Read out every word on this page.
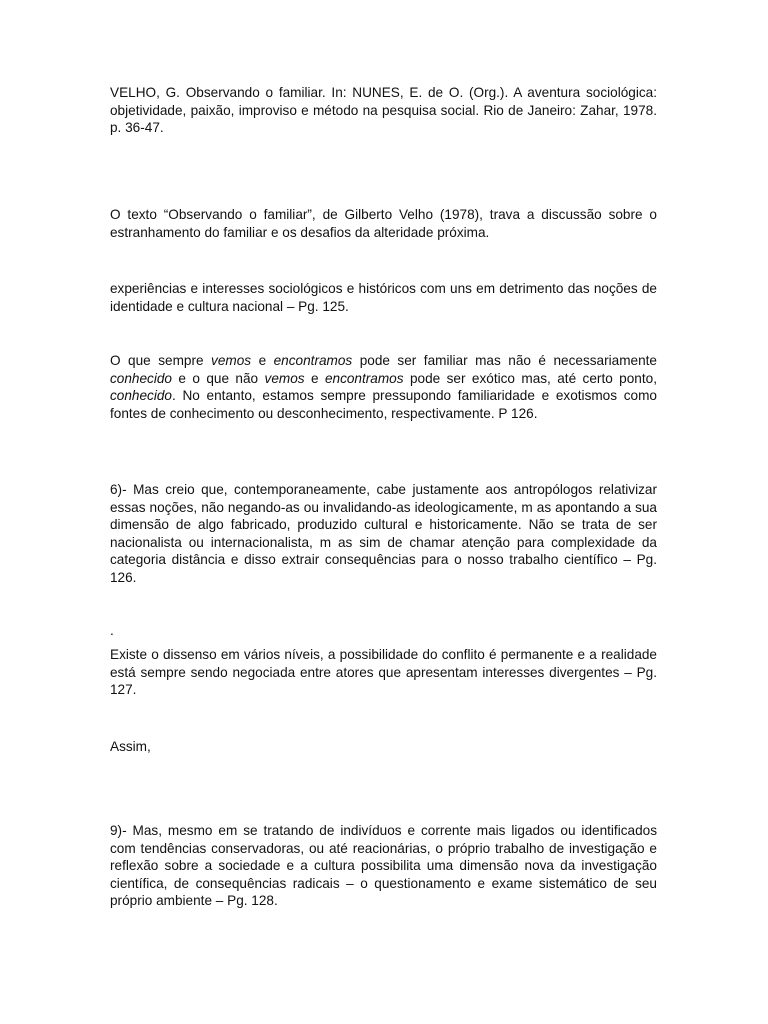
VELHO, G. Observando o familiar. In: NUNES, E. de O. (Org.). A aventura sociológica: objetividade, paixão, improviso e método na pesquisa social. Rio de Janeiro: Zahar, 1978. p. 36-47.

O texto “Observando o familiar”, de Gilberto Velho (1978), trava a discussão sobre o estranhamento do familiar e os desafios da alteridade próxima.

experiências e interesses sociológicos e históricos com uns em detrimento das noções de identidade e cultura nacional – Pg. 125.

O que sempre vemos e encontramos pode ser familiar mas não é necessariamente conhecido e o que não vemos e encontramos pode ser exótico mas, até certo ponto, conhecido. No entanto, estamos sempre pressupondo familiaridade e exotismos como fontes de conhecimento ou desconhecimento, respectivamente. P 126.

6)- Mas creio que, contemporaneamente, cabe justamente aos antropólogos relativizar essas noções, não negando-as ou invalidando-as ideologicamente, m as apontando a sua dimensão de algo fabricado, produzido cultural e historicamente. Não se trata de ser nacionalista ou internacionalista, m as sim de chamar atenção para complexidade da categoria distância e disso extrair consequências para o nosso trabalho científico – Pg. 126.

.

Existe o dissenso em vários níveis, a possibilidade do conflito é permanente e a realidade está sempre sendo negociada entre atores que apresentam interesses divergentes – Pg. 127.

Assim,

9)- Mas, mesmo em se tratando de indivíduos e corrente mais ligados ou identificados com tendências conservadoras, ou até reacionárias, o próprio trabalho de investigação e reflexão sobre a sociedade e a cultura possibilita uma dimensão nova da investigação científica, de consequências radicais – o questionamento e exame sistemático de seu próprio ambiente – Pg. 128.
